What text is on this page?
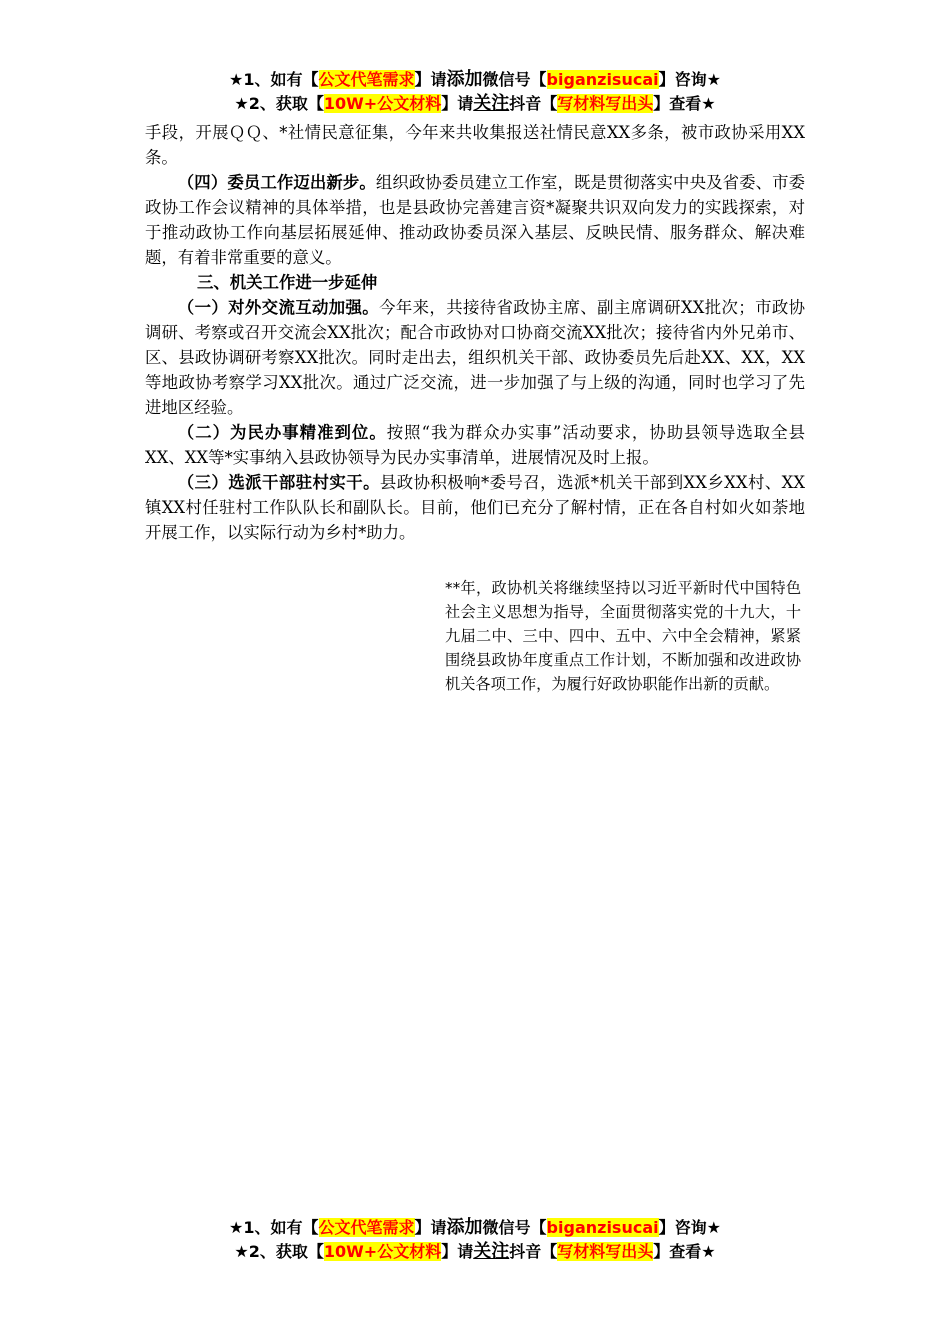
★1、如有【公文代笔需求】请添加微信号【biganzisucai】咨询★
★2、获取【10W+公文材料】请关注抖音【写材料写出头】查看★

手段，开展ＱＱ、*社情民意征集，今年来共收集报送社情民意XX多条，被市政协采用XX条。

（四）委员工作迈出新步。组织政协委员建立工作室，既是贯彻落实中央及省委、市委政协工作会议精神的具体举措，也是县政协完善建言资*凝聚共识双向发力的实践探索，对于推动政协工作向基层拓展延伸、推动政协委员深入基层、反映民情、服务群众、解决难题，有着非常重要的意义。

三、机关工作进一步延伸

（一）对外交流互动加强。今年来，共接待省政协主席、副主席调研XX批次；市政协调研、考察或召开交流会XX批次；配合市政协对口协商交流XX批次；接待省内外兄弟市、区、县政协调研考察XX批次。同时走出去，组织机关干部、政协委员先后赴XX、XX，XX等地政协考察学习XX批次。通过广泛交流，进一步加强了与上级的沟通，同时也学习了先进地区经验。

（二）为民办事精准到位。按照“我为群众办实事”活动要求，协助县领导选取全县XX、XX等*实事纳入县政协领导为民办实事清单，进展情况及时上报。

（三）选派干部驻村实干。县政协积极响*委号召，选派*机关干部到XX乡XX村、XX镇XX村任驻村工作队队长和副队长。目前，他们已充分了解村情，正在各自村如火如荼地开展工作，以实际行动为乡村*助力。

**年，政协机关将继续坚持以习近平新时代中国特色社会主义思想为指导，全面贯彻落实党的十九大，十九届二中、三中、四中、五中、六中全会精神，紧紧围绕县政协年度重点工作计划，不断加强和改进政协机关各项工作，为履行好政协职能作出新的贡献。

★1、如有【公文代笔需求】请添加微信号【biganzisucai】咨询★
★2、获取【10W+公文材料】请关注抖音【写材料写出头】查看★
